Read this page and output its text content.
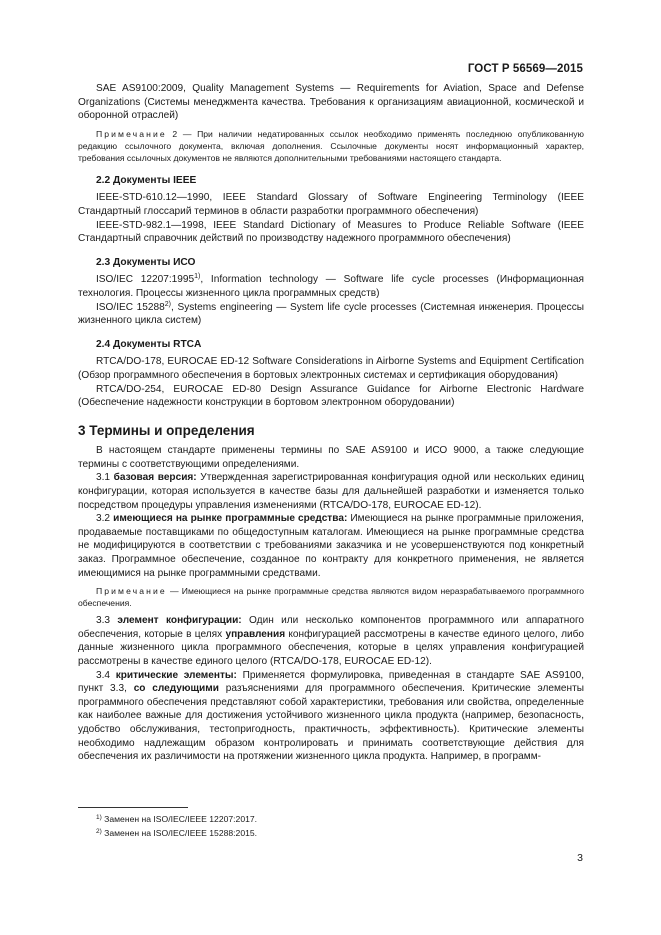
ГОСТ Р 56569—2015

SAE AS9100:2009, Quality Management Systems — Requirements for Aviation, Space and Defense Organizations (Системы менеджмента качества. Требования к организациям авиационной, космической и оборонной отраслей)

Примечание 2 — При наличии недатированных ссылок необходимо применять последнюю опубликованную редакцию ссылочного документа, включая дополнения. Ссылочные документы носят информационный характер, требования ссылочных документов не являются дополнительными требованиями настоящего стандарта.

2.2 Документы IEEE

IEEE-STD-610.12—1990, IEEE Standard Glossary of Software Engineering Terminology (IEEE Стандартный глоссарий терминов в области разработки программного обеспечения)

IEEE-STD-982.1—1998, IEEE Standard Dictionary of Measures to Produce Reliable Software (IEEE Стандартный справочник действий по производству надежного программного обеспечения)

2.3 Документы ИСО

ISO/IEC 12207:1995$^{1)}$, Information technology — Software life cycle processes (Информационная технология. Процессы жизненного цикла программных средств)

ISO/IEC 15288$^{2)}$, Systems engineering — System life cycle processes (Системная инженерия. Процессы жизненного цикла систем)

2.4 Документы RTCA

RTCA/DO-178, EUROCAE ED-12 Software Considerations in Airborne Systems and Equipment Certification (Обзор программного обеспечения в бортовых электронных системах и сертификация оборудования)

RTCA/DO-254, EUROCAE ED-80 Design Assurance Guidance for Airborne Electronic Hardware (Обеспечение надежности конструкции в бортовом электронном оборудовании)

3 Термины и определения

В настоящем стандарте применены термины по SAE AS9100 и ИСО 9000, а также следующие термины с соответствующими определениями.

3.1 базовая версия: Утвержденная зарегистрированная конфигурация одной или нескольких единиц конфигурации, которая используется в качестве базы для дальнейшей разработки и изменяется только посредством процедуры управления изменениями (RTCA/DO-178, EUROCAE ED-12).

3.2 имеющиеся на рынке программные средства: Имеющиеся на рынке программные приложения, продаваемые поставщиками по общедоступным каталогам. Имеющиеся на рынке программные средства не модифицируются в соответствии с требованиями заказчика и не усовершенствуются под конкретный заказ. Программное обеспечение, созданное по контракту для конкретного применения, не является имеющимися на рынке программными средствами.

Примечание — Имеющиеся на рынке программные средства являются видом неразрабатываемого программного обеспечения.

3.3 элемент конфигурации: Один или несколько компонентов программного или аппаратного обеспечения, которые в целях управления конфигурацией рассмотрены в качестве единого целого, либо данные жизненного цикла программного обеспечения, которые в целях управления конфигурацией рассмотрены в качестве единого целого (RTCA/DO-178, EUROCAE ED-12).

3.4 критические элементы: Применяется формулировка, приведенная в стандарте SAE AS9100, пункт 3.3, со следующими разъяснениями для программного обеспечения. Критические элементы программного обеспечения представляют собой характеристики, требования или свойства, определенные как наиболее важные для достижения устойчивого жизненного цикла продукта (например, безопасность, удобство обслуживания, тестопригодность, практичность, эффективность). Критические элементы необходимо надлежащим образом контролировать и принимать соответствующие действия для обеспечения их различимости на протяжении жизненного цикла продукта. Например, в программ-

$^{1)}$ Заменен на ISO/IEC/IEEE 12207:2017.
$^{2)}$ Заменен на ISO/IEC/IEEE 15288:2015.
3
